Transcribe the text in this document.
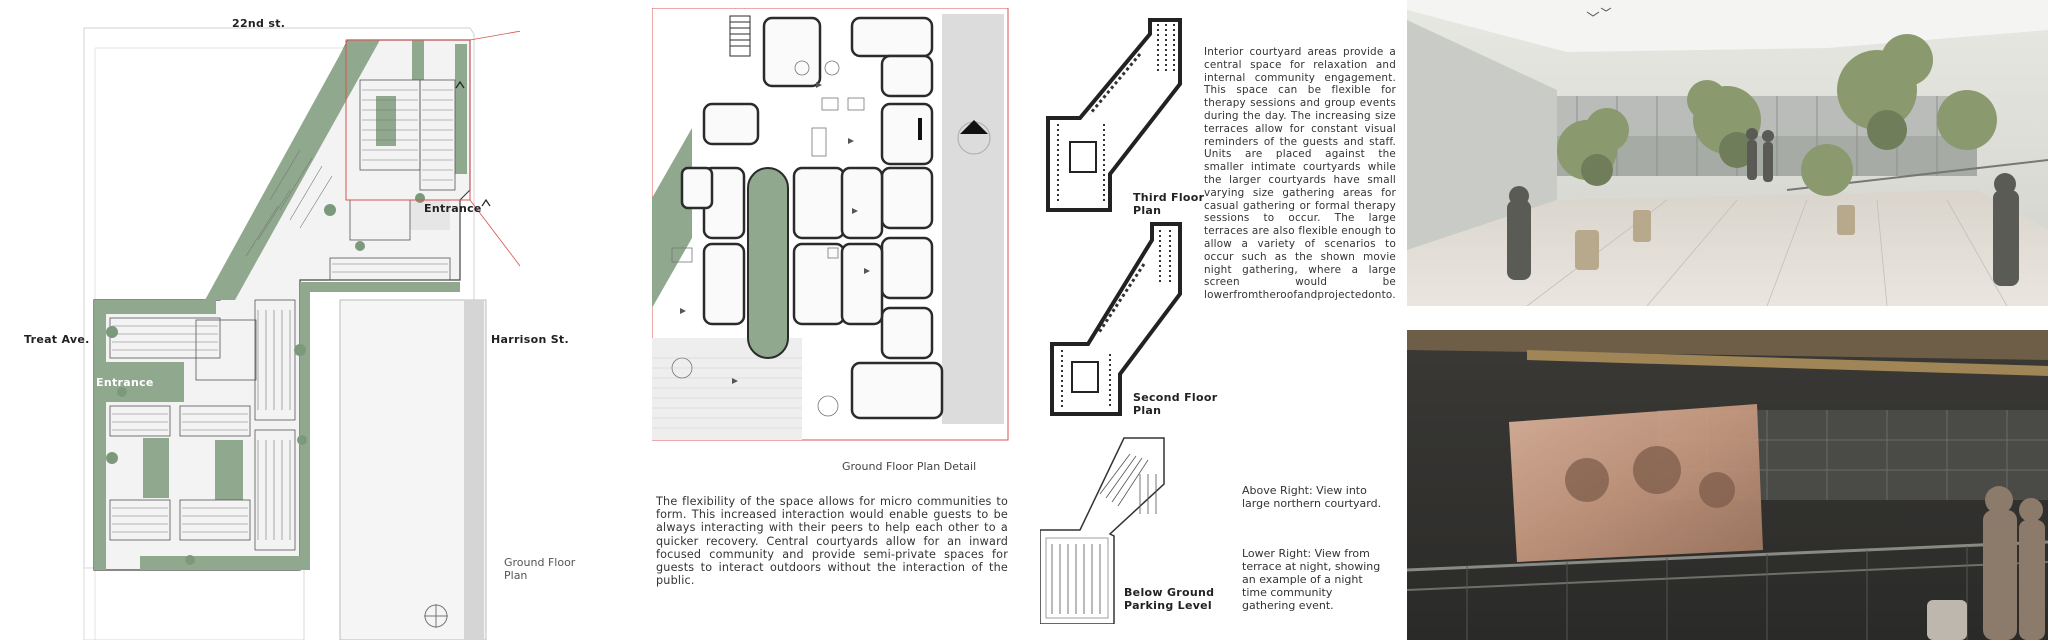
22nd st.
Treat Ave.	Harrison St.
Entrance
Entrance
Ground Floor
Plan
Ground Floor Plan Detail
The flexibility of the space allows for micro communities to form. This increased interaction would enable guests to be always interacting with their peers to help each other to a quicker recovery. Central courtyards allow for an inward focused community and provide semi-private spaces for guests to interact outdoors without the interaction of the public.
Third Floor
Plan
Second Floor
Plan
Below Ground
Parking Level
Interior courtyard areas provide a central space for relaxation and internal community engagement. This space can be flexible for therapy sessions and group events during the day. The increasing size terraces allow for constant visual reminders of the guests and staff. Units are placed against the smaller intimate courtyards while the larger courtyards have small varying size gathering areas for casual gathering or formal therapy sessions to occur. The large terraces are also flexible enough to allow a variety of scenarios to occur such as the shown movie night gathering, where a large screen would be lowerfromtheroofandprojectedonto.
Above Right: View into large northern courtyard.
Lower Right: View from terrace at night, showing an example of a night time community gathering event.
